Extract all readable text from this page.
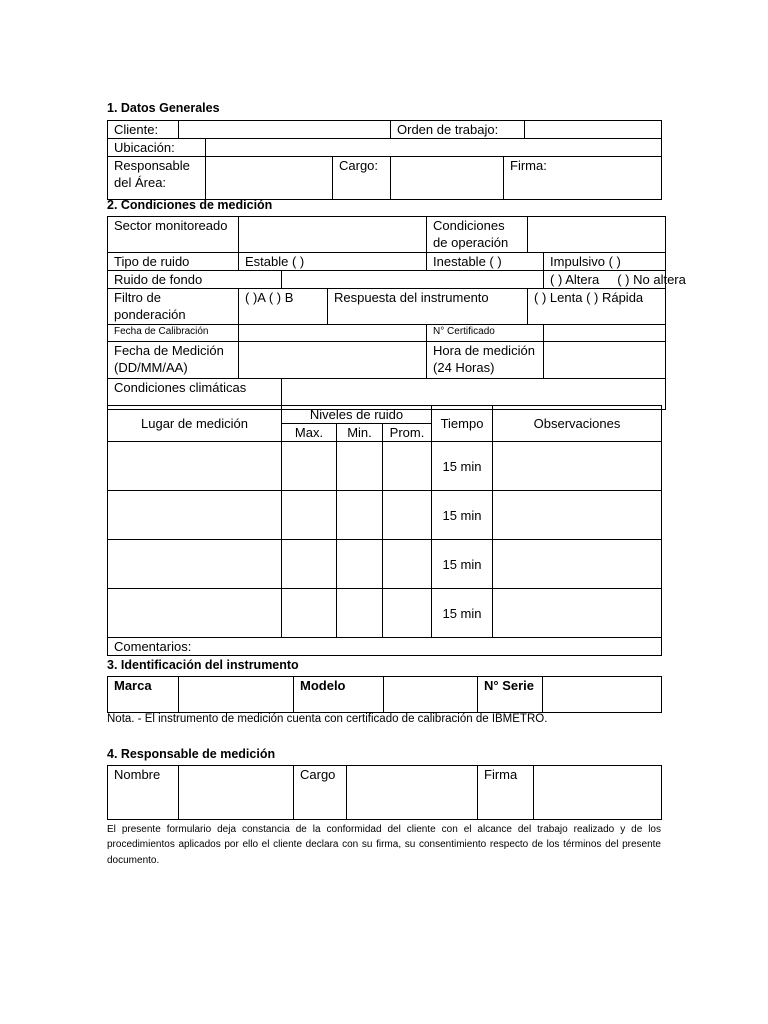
1. Datos Generales
Cliente:				Orden de trabajo:		
Ubicación:						
Responsable del Área:			Cargo:		Firma:	
2. Condiciones de medición
Sector monitoreado				Condiciones de operación		
Tipo de ruido	Estable ( )			Inestable ( )		Impulsivo ( )
Ruido de fondo						( ) Altera     ( ) No altera
Filtro de ponderación	( )A ( ) B		Respuesta del instrumento		( ) Lenta ( ) Rápida	
Fecha de Calibración				N° Certificado		
Fecha de Medición (DD/MM/AA)				Hora de medición (24 Horas)		
Condiciones climáticas						
Lugar de medición	Niveles de ruido			Tiempo	Observaciones
	Max.	Min.	Prom.		
				15 min	
				15 min	
				15 min	
				15 min	
Comentarios:					
3. Identificación del instrumento
Marca		Modelo		N° Serie	
Nota. - El instrumento de medición cuenta con certificado de calibración de IBMETRO.
4. Responsable de medición
Nombre		Cargo		Firma	
El presente formulario deja constancia de la conformidad del cliente con el alcance del trabajo realizado y de los procedimientos aplicados por ello el cliente declara con su firma, su consentimiento respecto de los términos del presente documento.
